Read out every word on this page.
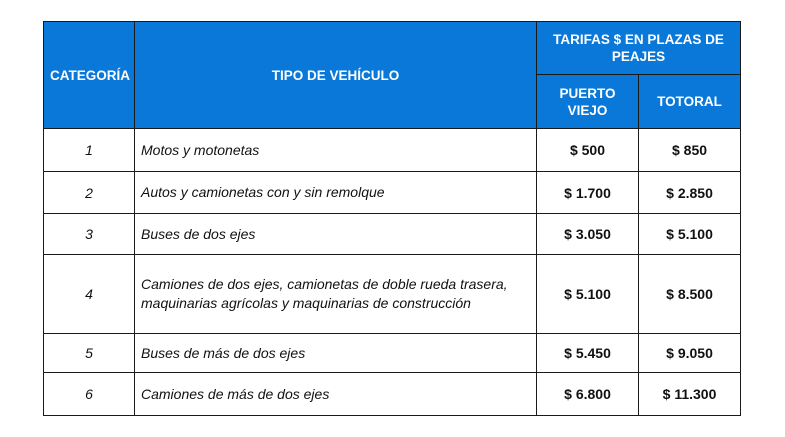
CATEGORÍA	TIPO DE VEHÍCULO	TARIFAS $ EN PLAZAS DE PEAJES	
		PUERTO VIEJO	TOTORAL
1	Motos y motonetas	$ 500	$ 850
2	Autos y camionetas con y sin remolque	$ 1.700	$ 2.850
3	Buses de dos ejes	$ 3.050	$ 5.100
4	Camiones de dos ejes, camionetas de doble rueda trasera, maquinarias agrícolas y maquinarias de construcción	$ 5.100	$ 8.500
5	Buses de más de dos ejes	$ 5.450	$ 9.050
6	Camiones de más de dos ejes	$ 6.800	$ 11.300
